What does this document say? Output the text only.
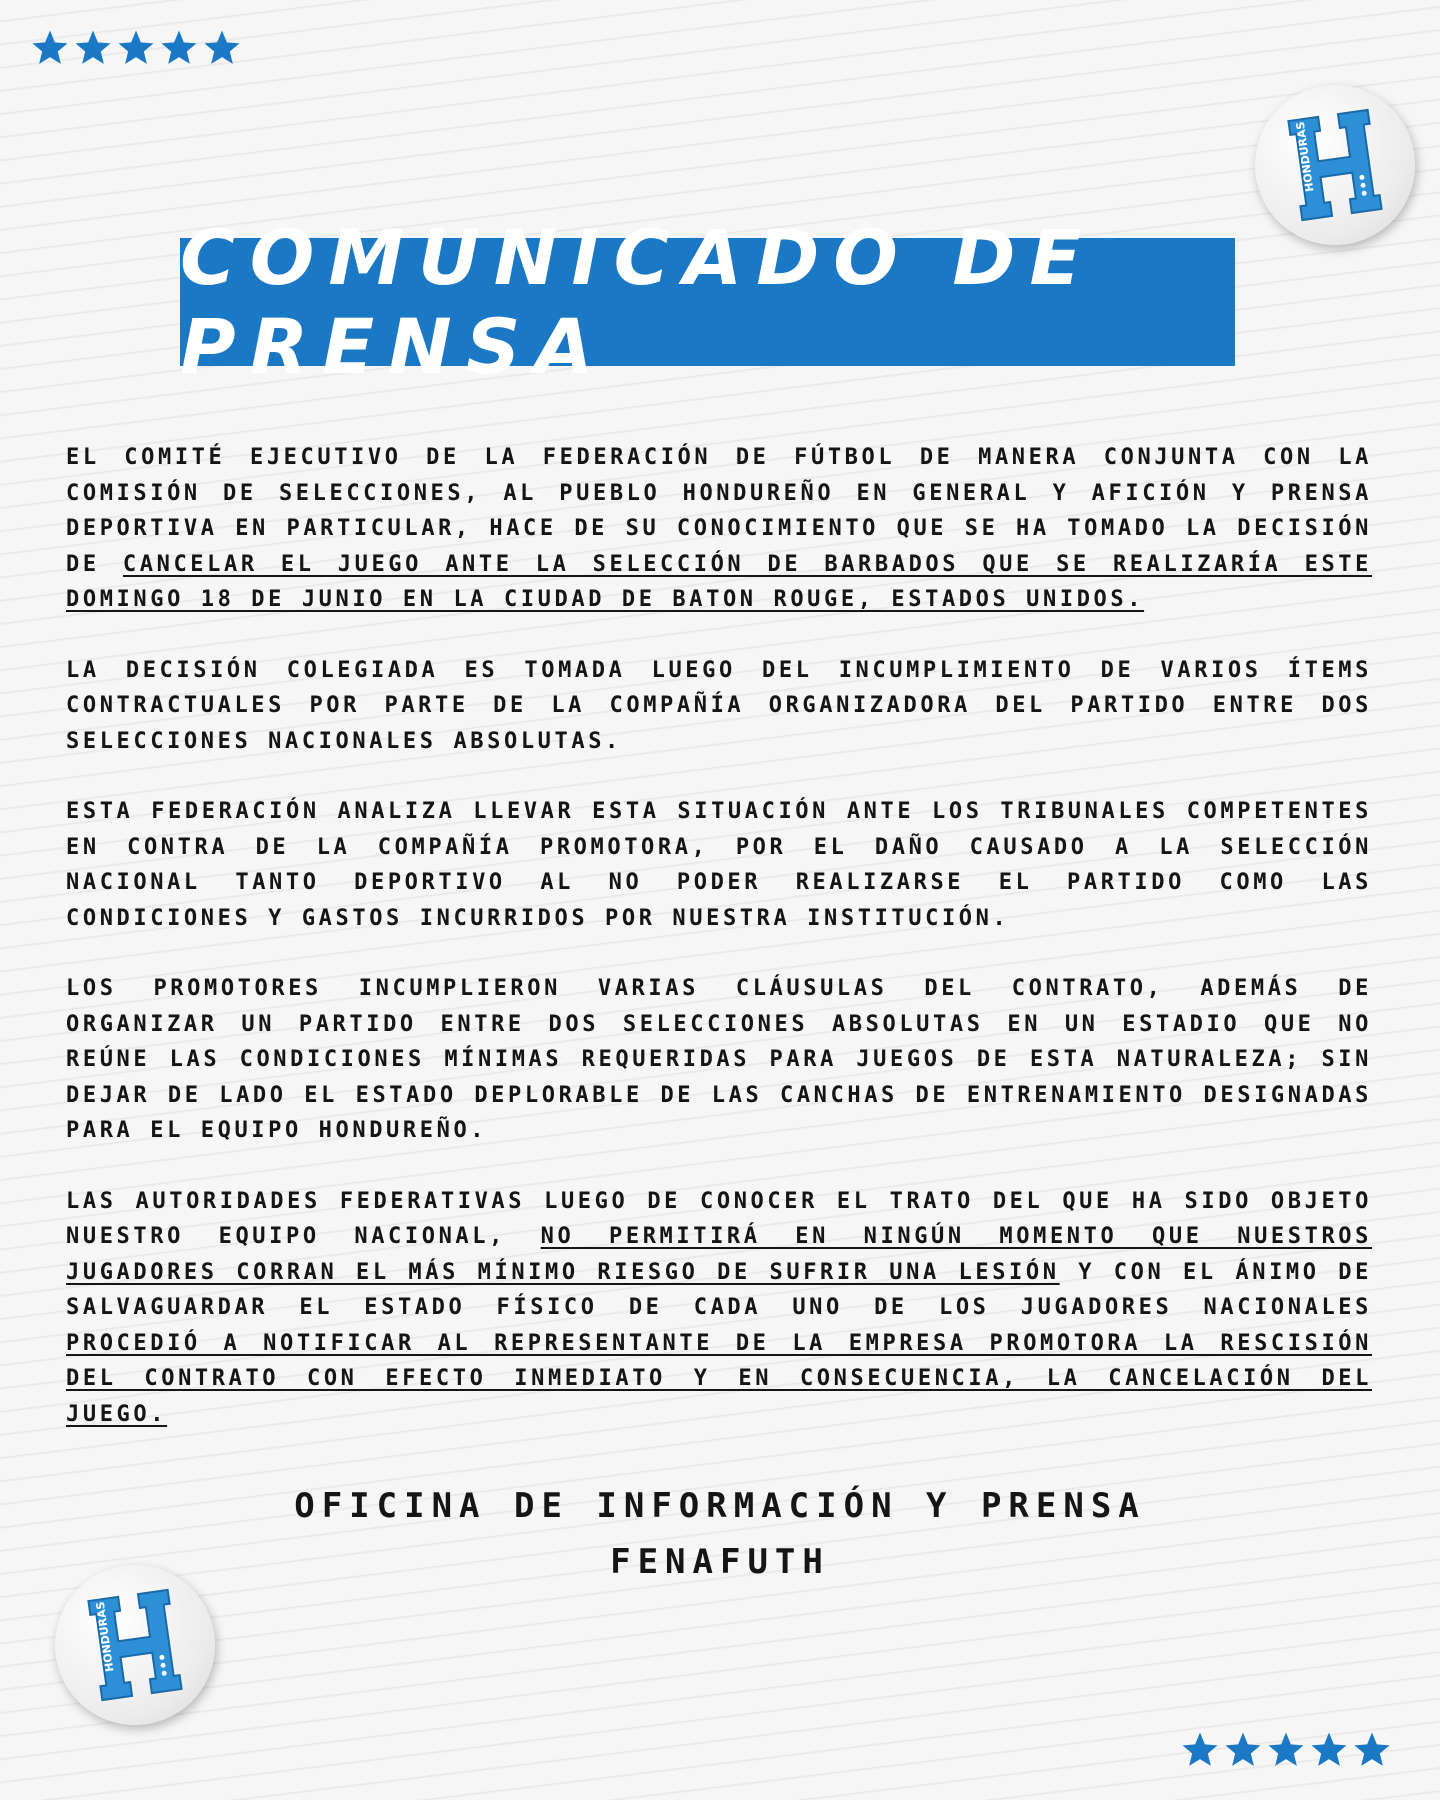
HONDURAS
COMUNICADO DE PRENSA

EL COMITÉ EJECUTIVO DE LA FEDERACIÓN DE FÚTBOL DE MANERA CONJUNTA CON LA COMISIÓN DE SELECCIONES, AL PUEBLO HONDUREÑO EN GENERAL Y AFICIÓN Y PRENSA DEPORTIVA EN PARTICULAR, HACE DE SU CONOCIMIENTO QUE SE HA TOMADO LA DECISIÓN DE CANCELAR EL JUEGO ANTE LA SELECCIÓN DE BARBADOS QUE SE REALIZARÍA ESTE DOMINGO 18 DE JUNIO EN LA CIUDAD DE BATON ROUGE, ESTADOS UNIDOS.

LA DECISIÓN COLEGIADA ES TOMADA LUEGO DEL INCUMPLIMIENTO DE VARIOS ÍTEMS CONTRACTUALES POR PARTE DE LA COMPAÑÍA ORGANIZADORA DEL PARTIDO ENTRE DOS SELECCIONES NACIONALES ABSOLUTAS.

ESTA FEDERACIÓN ANALIZA LLEVAR ESTA SITUACIÓN ANTE LOS TRIBUNALES COMPETENTES EN CONTRA DE LA COMPAÑÍA PROMOTORA, POR EL DAÑO CAUSADO A LA SELECCIÓN NACIONAL TANTO DEPORTIVO AL NO PODER REALIZARSE EL PARTIDO COMO LAS CONDICIONES Y GASTOS INCURRIDOS POR NUESTRA INSTITUCIÓN.

LOS PROMOTORES INCUMPLIERON VARIAS CLÁUSULAS DEL CONTRATO, ADEMÁS DE ORGANIZAR UN PARTIDO ENTRE DOS SELECCIONES ABSOLUTAS EN UN ESTADIO QUE NO REÚNE LAS CONDICIONES MÍNIMAS REQUERIDAS PARA JUEGOS DE ESTA NATURALEZA; SIN DEJAR DE LADO EL ESTADO DEPLORABLE DE LAS CANCHAS DE ENTRENAMIENTO DESIGNADAS PARA EL EQUIPO HONDUREÑO.

LAS AUTORIDADES FEDERATIVAS LUEGO DE CONOCER EL TRATO DEL QUE HA SIDO OBJETO NUESTRO EQUIPO NACIONAL, NO PERMITIRÁ EN NINGÚN MOMENTO QUE NUESTROS JUGADORES CORRAN EL MÁS MÍNIMO RIESGO DE SUFRIR UNA LESIÓN Y CON EL ÁNIMO DE SALVAGUARDAR EL ESTADO FÍSICO DE CADA UNO DE LOS JUGADORES NACIONALES PROCEDIÓ A NOTIFICAR AL REPRESENTANTE DE LA EMPRESA PROMOTORA LA RESCISIÓN DEL CONTRATO CON EFECTO INMEDIATO Y EN CONSECUENCIA, LA CANCELACIÓN DEL JUEGO.

OFICINA DE INFORMACIÓN Y PRENSA
FENAFUTH
HONDURAS
